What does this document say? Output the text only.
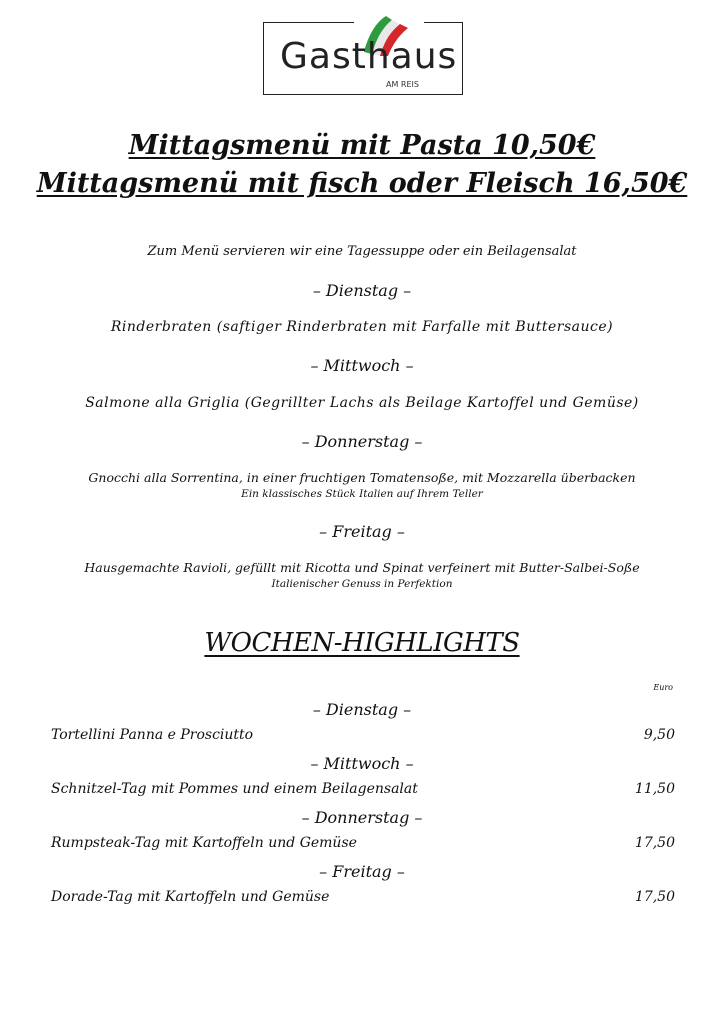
Gasthaus
AM REIS
Mittagsmenü mit Pasta 10,50€
Mittagsmenü mit fisch oder Fleisch 16,50€
Zum Menü servieren wir eine Tagessuppe oder ein Beilagensalat
– Dienstag –
Rinderbraten (saftiger Rinderbraten mit Farfalle mit Buttersauce)
– Mittwoch –
Salmone alla Griglia (Gegrillter Lachs als Beilage Kartoffel und Gemüse)
– Donnerstag –
Gnocchi alla Sorrentina, in einer fruchtigen Tomatensoße, mit Mozzarella überbacken
Ein klassisches Stück Italien auf Ihrem Teller
– Freitag –
Hausgemachte Ravioli, gefüllt mit Ricotta und Spinat verfeinert mit Butter-Salbei-Soße
Italienischer Genuss in Perfektion
WOCHEN-HIGHLIGHTS
Euro
– Dienstag –
Tortellini Panna e Prosciutto	9,50
– Mittwoch –
Schnitzel-Tag mit Pommes und einem Beilagensalat	11,50
– Donnerstag –
Rumpsteak-Tag mit Kartoffeln und Gemüse	17,50
– Freitag –
Dorade-Tag mit Kartoffeln und Gemüse	17,50
